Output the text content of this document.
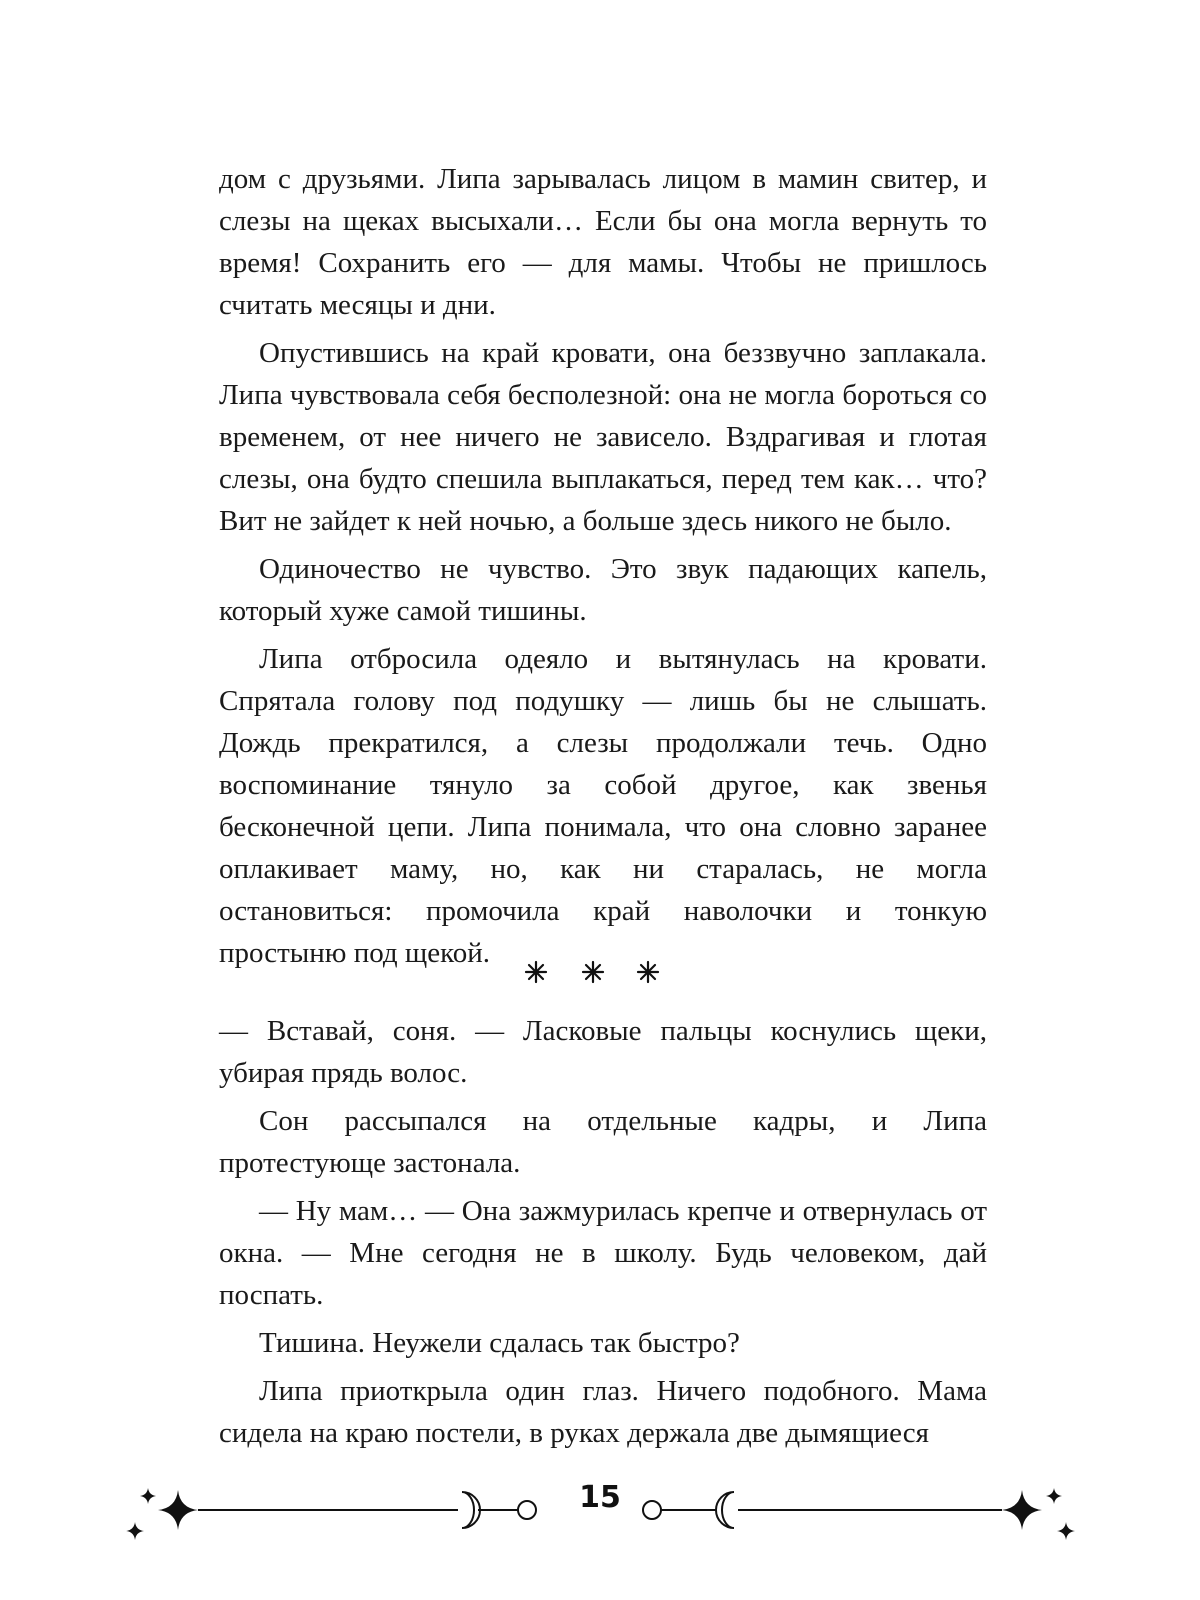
дом с друзьями. Липа зарывалась лицом в мамин свитер, и слезы на щеках высыхали… Если бы она могла вернуть то время! Сохранить его — для мамы. Чтобы не пришлось считать месяцы и дни.

Опустившись на край кровати, она беззвучно заплакала. Липа чувствовала себя бесполезной: она не могла бороться со временем, от нее ничего не зависело. Вздрагивая и глотая слезы, она будто спешила выплакаться, перед тем как… что? Вит не зайдет к ней ночью, а больше здесь никого не было.

Одиночество не чувство. Это звук падающих капель, который хуже самой тишины.

Липа отбросила одеяло и вытянулась на кровати. Спрятала голову под подушку — лишь бы не слышать. Дождь прекратился, а слезы продолжали течь. Одно воспоминание тянуло за собой другое, как звенья бесконечной цепи. Липа понимала, что она словно заранее оплакивает маму, но, как ни старалась, не могла остановиться: промочила край наволочки и тонкую простыню под щекой.

— Вставай, соня. — Ласковые пальцы коснулись щеки, убирая прядь волос.

Сон рассыпался на отдельные кадры, и Липа протестующе застонала.

— Ну мам… — Она зажмурилась крепче и отвернулась от окна. — Мне сегодня не в школу. Будь человеком, дай поспать.

Тишина. Неужели сдалась так быстро?

Липа приоткрыла один глаз. Ничего подобного. Мама сидела на краю постели, в руках держала две дымящиеся

15
